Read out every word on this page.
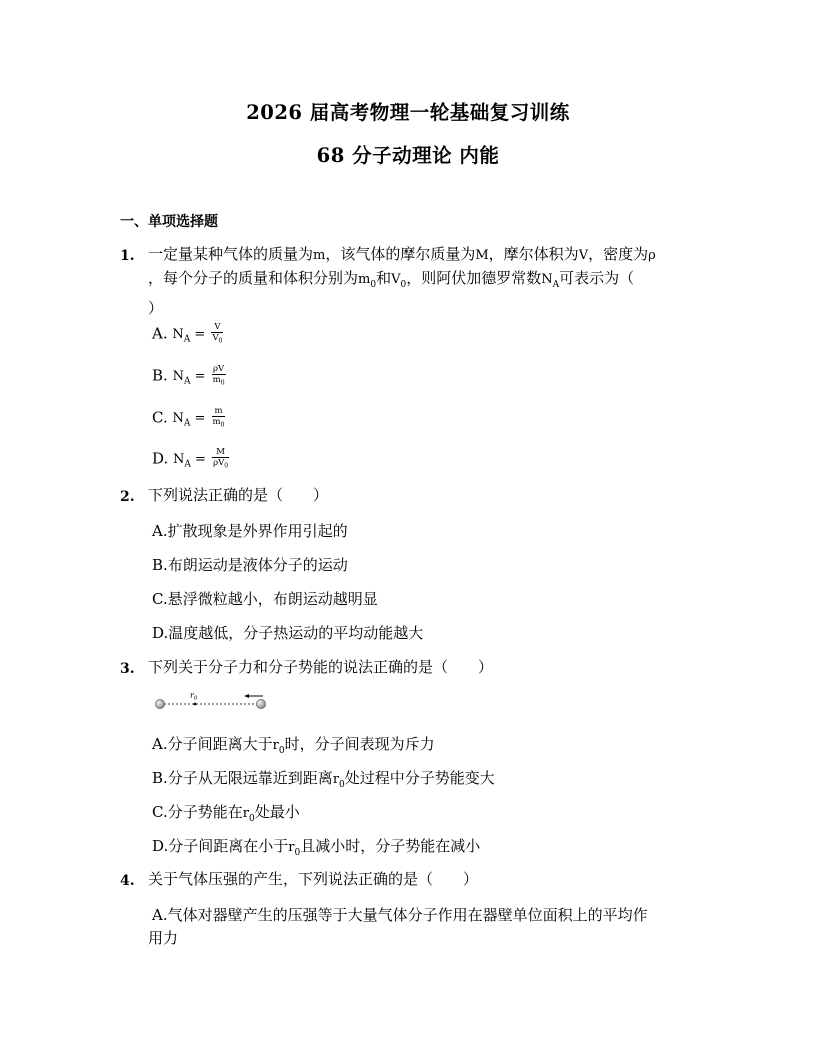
2026 届高考物理一轮基础复习训练
68 分子动理论 内能
一、单项选择题
1. 一定量某种气体的质量为m，该气体的摩尔质量为M，摩尔体积为V，密度为ρ
，每个分子的质量和体积分别为$m_0$和$V_0$，则阿伏加德罗常数$N_A$可表示为（
）
A. $N_A = \frac{V}{V_0}$
B. $N_A = \frac{\rho V}{m_0}$
C. $N_A = \frac{m}{m_0}$
D. $N_A = \frac{M}{\rho V_0}$
2. 下列说法正确的是（　　）
A.扩散现象是外界作用引起的
B.布朗运动是液体分子的运动
C.悬浮微粒越小，布朗运动越明显
D.温度越低，分子热运动的平均动能越大
3. 下列关于分子力和分子势能的说法正确的是（　　）
r0
A.分子间距离大于$r_0$时，分子间表现为斥力
B.分子从无限远靠近到距离$r_0$处过程中分子势能变大
C.分子势能在$r_0$处最小
D.分子间距离在小于$r_0$且减小时，分子势能在减小
4. 关于气体压强的产生，下列说法正确的是（　　）
A.气体对器壁产生的压强等于大量气体分子作用在器壁单位面积上的平均作
用力
